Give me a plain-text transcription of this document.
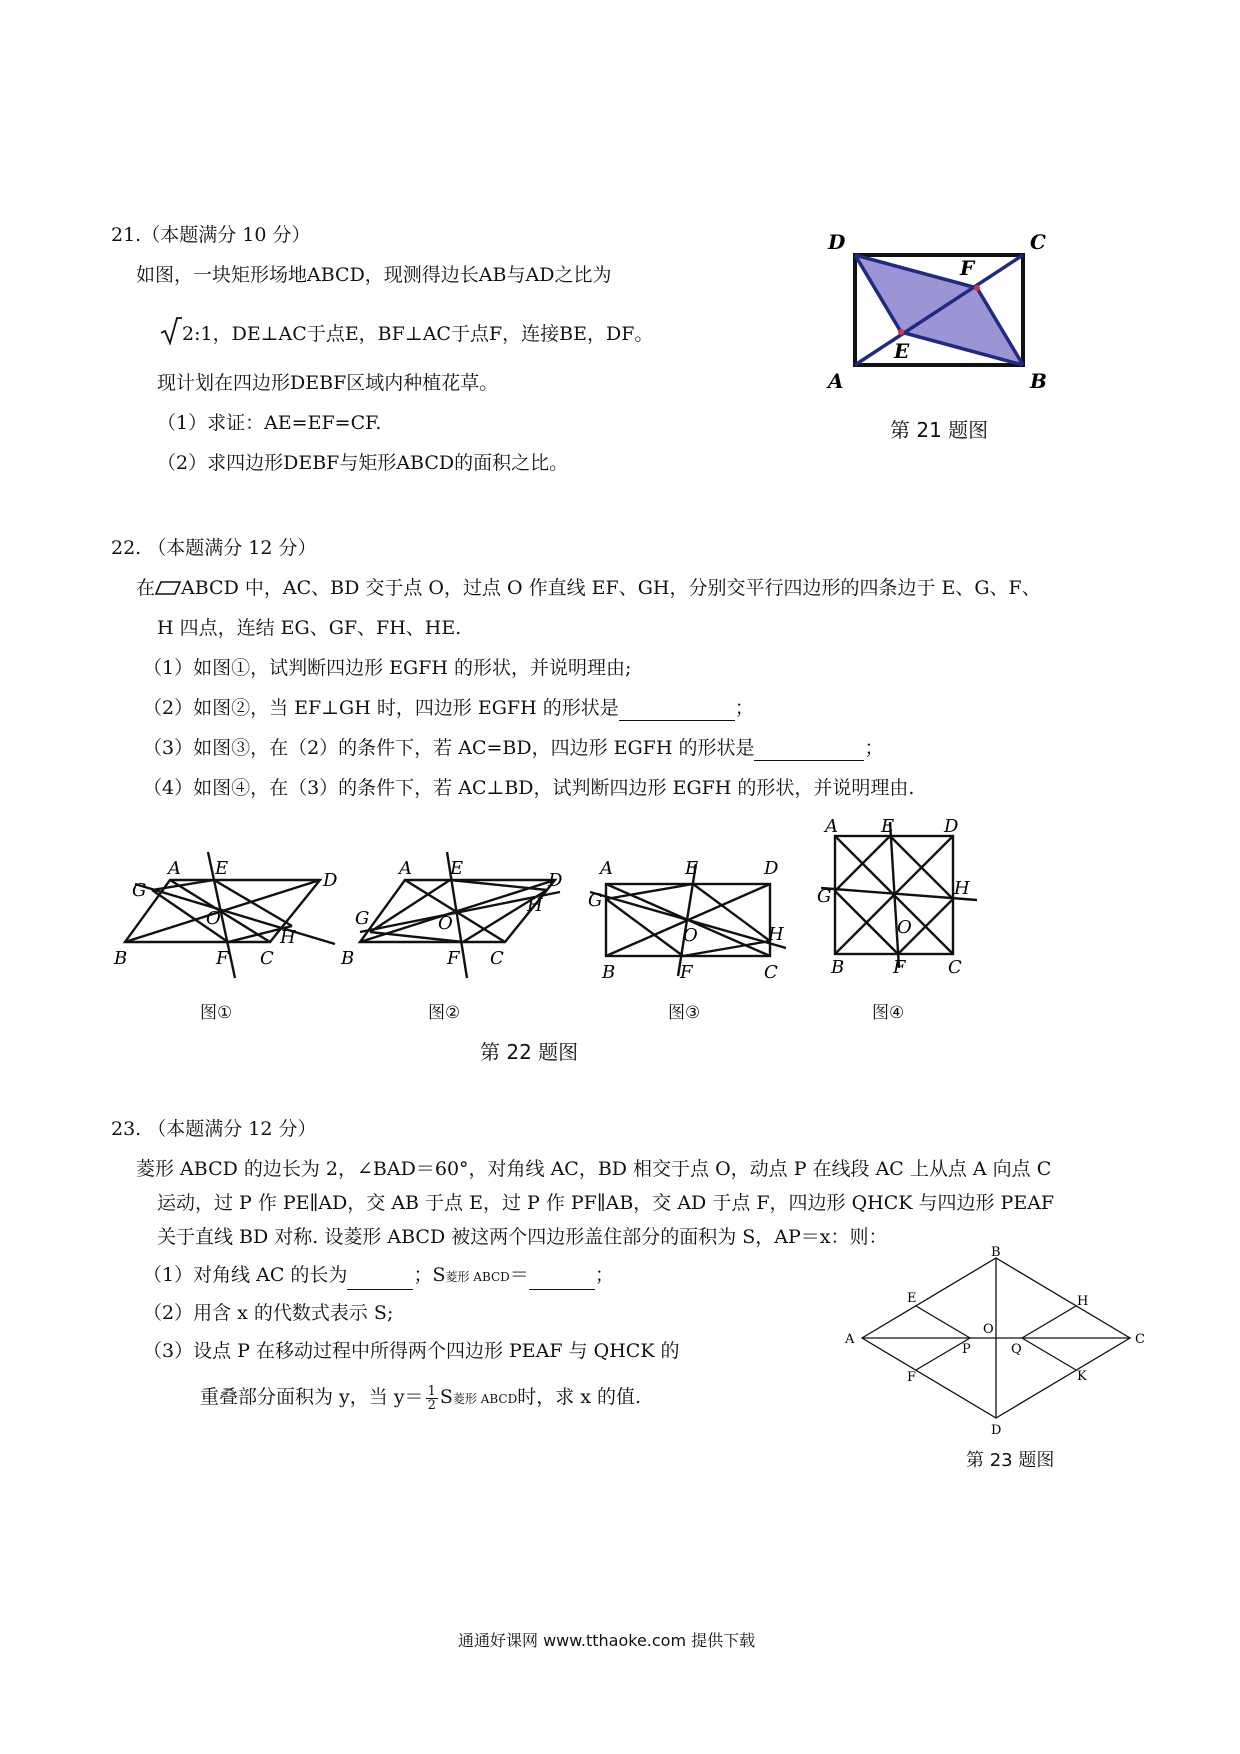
21.（本题满分 10 分）
如图，一块矩形场地ABCD，现测得边长AB与AD之比为
2:1，DE⊥AC于点E，BF⊥AC于点F，连接BE，DF。
现计划在四边形DEBF区域内种植花草。
（1）求证：AE=EF=CF.
（2）求四边形DEBF与矩形ABCD的面积之比。
D	C
A	B
E
F
第 21 题图
22. （本题满分 12 分）
在 ABCD 中，AC、BD 交于点 O，过点 O 作直线 EF、GH，分别交平行四边形的四条边于 E、G、F、
H 四点，连结 EG、GF、FH、HE.
（1）如图①，试判断四边形 EGFH 的形状，并说明理由;
（2）如图②，当 EF⊥GH 时，四边形 EGFH 的形状是	；
（3）如图③，在（2）的条件下，若 AC=BD，四边形 EGFH 的形状是	；
（4）如图④，在（3）的条件下，若 AC⊥BD，试判断四边形 EGFH 的形状，并说明理由.
A E
D
G
O
H
B	F C
A E
D
H
G	O
B	F C
A	E	D
G
O	H
B	F	C
A E	D
G	H
O
B	F C
图①	图②	图③	图④
第 22 题图
23. （本题满分 12 分）
菱形 ABCD 的边长为 2，∠BAD＝60°，对角线 AC，BD 相交于点 O，动点 P 在线段 AC 上从点 A 向点 C
运动，过 P 作 PE∥AD，交 AB 于点 E，过 P 作 PF∥AB，交 AD 于点 F，四边形 QHCK 与四边形 PEAF
关于直线 BD 对称. 设菱形 ABCD 被这两个四边形盖住部分的面积为 S，AP＝x：则：
（1）对角线 AC 的长为	；S菱形 ABCD＝	；
（2）用含 x 的代数式表示 S;
（3）设点 P 在移动过程中所得两个四边形 PEAF 与 QHCK 的
重叠部分面积为 y，当 $y= \frac{1}{2}$ S菱形 ABCD时，求 x 的值.
B
A	C
D
E	H
O
P	Q
F	K
第 23 题图
通通好课网 www.tthaoke.com 提供下载
